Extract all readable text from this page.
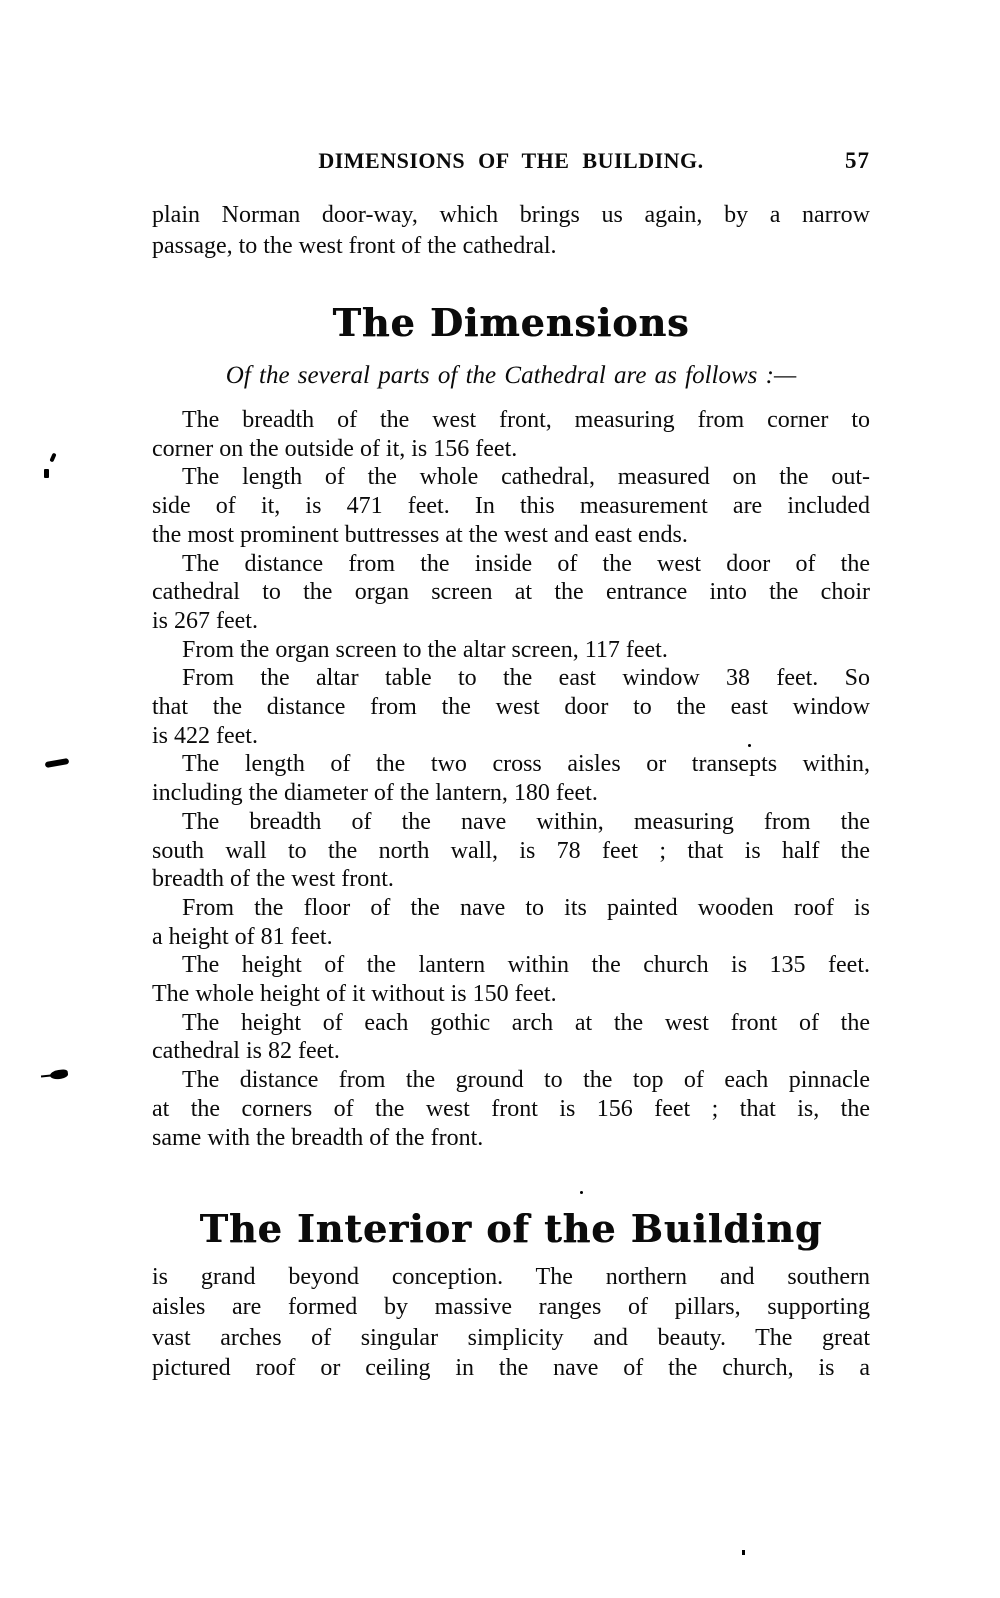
DIMENSIONS OF THE BUILDING.	57
plain Norman door-way, which brings us again, by a narrow
passage, to the west front of the cathedral.
The Dimensions
Of the several parts of the Cathedral are as follows :—
The breadth of the west front, measuring from corner to
corner on the outside of it, is 156 feet.
The length of the whole cathedral, measured on the out-
side of it, is 471 feet. In this measurement are included
the most prominent buttresses at the west and east ends.
The distance from the inside of the west door of the
cathedral to the organ screen at the entrance into the choir
is 267 feet.
From the organ screen to the altar screen, 117 feet.
From the altar table to the east window 38 feet. So
that the distance from the west door to the east window
is 422 feet.
The length of the two cross aisles or transepts within,
including the diameter of the lantern, 180 feet.
The breadth of the nave within, measuring from the
south wall to the north wall, is 78 feet ; that is half the
breadth of the west front.
From the floor of the nave to its painted wooden roof is
a height of 81 feet.
The height of the lantern within the church is 135 feet.
The whole height of it without is 150 feet.
The height of each gothic arch at the west front of the
cathedral is 82 feet.
The distance from the ground to the top of each pinnacle
at the corners of the west front is 156 feet ; that is, the
same with the breadth of the front.
The Interior of the Building
is grand beyond conception. The northern and southern
aisles are formed by massive ranges of pillars, supporting
vast arches of singular simplicity and beauty. The great
pictured roof or ceiling in the nave of the church, is a
